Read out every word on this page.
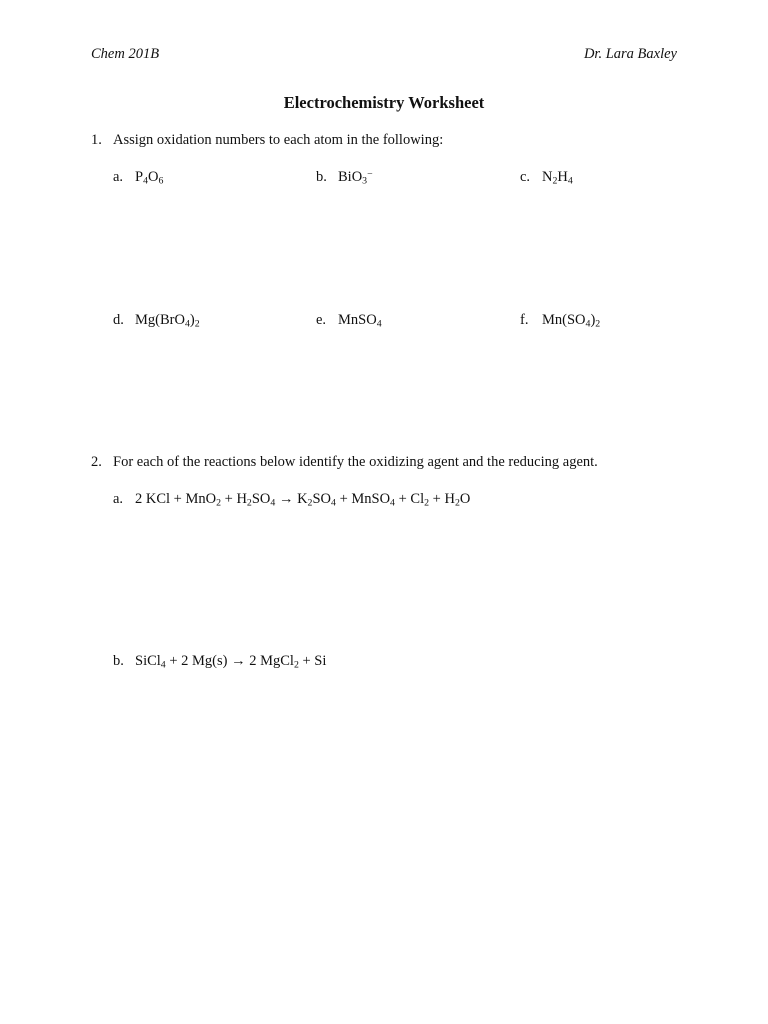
Chem 201B	Dr. Lara Baxley
Electrochemistry Worksheet
1. Assign oxidation numbers to each atom in the following:
a. $P_4O_6$	b. BiO$_3$−	c. $N_2H_4$
d. $Mg(BrO_4)_2$	e. MnSO$_4$	f. $Mn(SO_4)_2$
2. For each of the reactions below identify the oxidizing agent and the reducing agent.
a. 2 KCl + $MnO_2 + H_2SO_4 \to K_2SO_4$ + MnSO$_4$ + $Cl_2 + H_2O$
b. SiCl$_4$ + 2 Mg(s) → 2 MgCl$_2$ + Si
